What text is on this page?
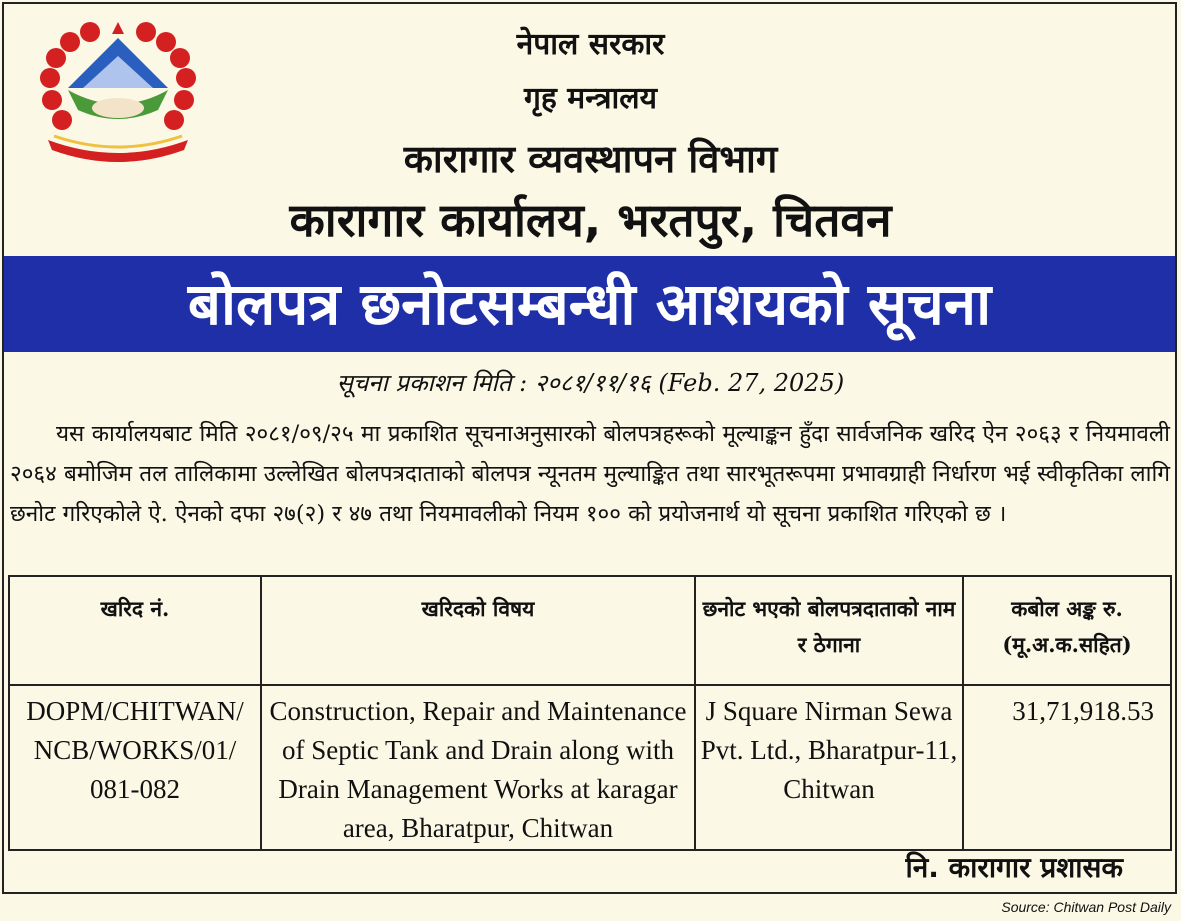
नेपाल सरकार
गृह मन्त्रालय
कारागार व्यवस्थापन विभाग
कारागार कार्यालय, भरतपुर, चितवन
बोलपत्र छनोटसम्बन्धी आशयको सूचना
सूचना प्रकाशन मिति : २०८१/११/१६ (Feb. 27, 2025)
यस कार्यालयबाट मिति २०८१/०९/२५ मा प्रकाशित सूचनाअनुसारको बोलपत्रहरूको मूल्याङ्कन हुँदा सार्वजनिक खरिद ऐन २०६३ र नियमावली २०६४ बमोजिम तल तालिकामा उल्लेखित बोलपत्रदाताको बोलपत्र न्यूनतम मुल्याङ्कित तथा सारभूतरूपमा प्रभावग्राही निर्धारण भई स्वीकृतिका लागि छनोट गरिएकोले ऐ. ऐनको दफा २७(२) र ४७ तथा नियमावलीको नियम १०० को प्रयोजनार्थ यो सूचना प्रकाशित गरिएको छ ।
खरिद नं.	खरिदको विषय	छनोट भएको बोलपत्रदाताको नाम र ठेगाना	कबोल अङ्क रु. (मू.अ.क.सहित)
DOPM/CHITWAN/ NCB/WORKS/01/ 081-082	Construction, Repair and Maintenance of Septic Tank and Drain along with Drain Management Works at karagar area, Bharatpur, Chitwan	J Square Nirman Sewa Pvt. Ltd., Bharatpur-11, Chitwan	31,71,918.53
नि. कारागार प्रशासक
Source: Chitwan Post Daily
